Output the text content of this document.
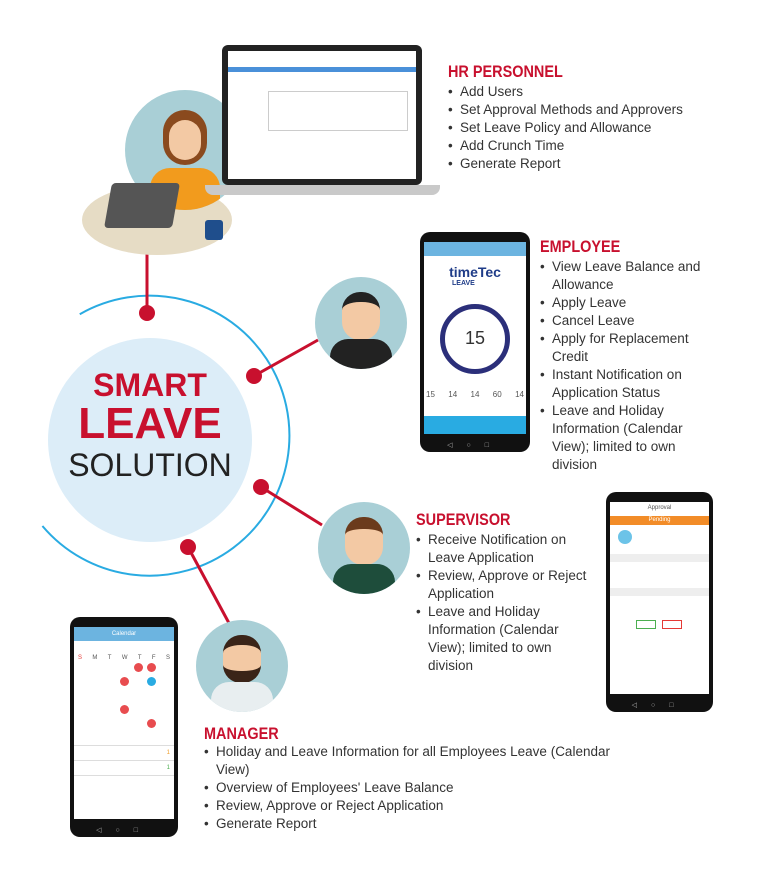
SMART
LEAVE
SOLUTION
HR PERSONNEL
• Add Users
• Set Approval Methods and Approvers
• Set Leave Policy and Allowance
• Add Crunch Time
• Generate Report
timeTec
LEAVE
15
15 14 14 60 14
◁○□
EMPLOYEE
• View Leave Balance and Allowance
• Apply Leave
• Cancel Leave
• Apply for Replacement Credit
• Instant Notification on Application Status
• Leave and Holiday Information (Calendar View); limited to own division
SUPERVISOR
• Receive Notification on Leave Application
• Review, Approve or Reject Application
• Leave and Holiday Information (Calendar View); limited to own division
Approval
Pending
◁○□
Calendar
S M T W T F S
1
1
◁○□
MANAGER
• Holiday and Leave Information for all Employees Leave (Calendar View)
• Overview of Employees' Leave Balance
• Review, Approve or Reject Application
• Generate Report
